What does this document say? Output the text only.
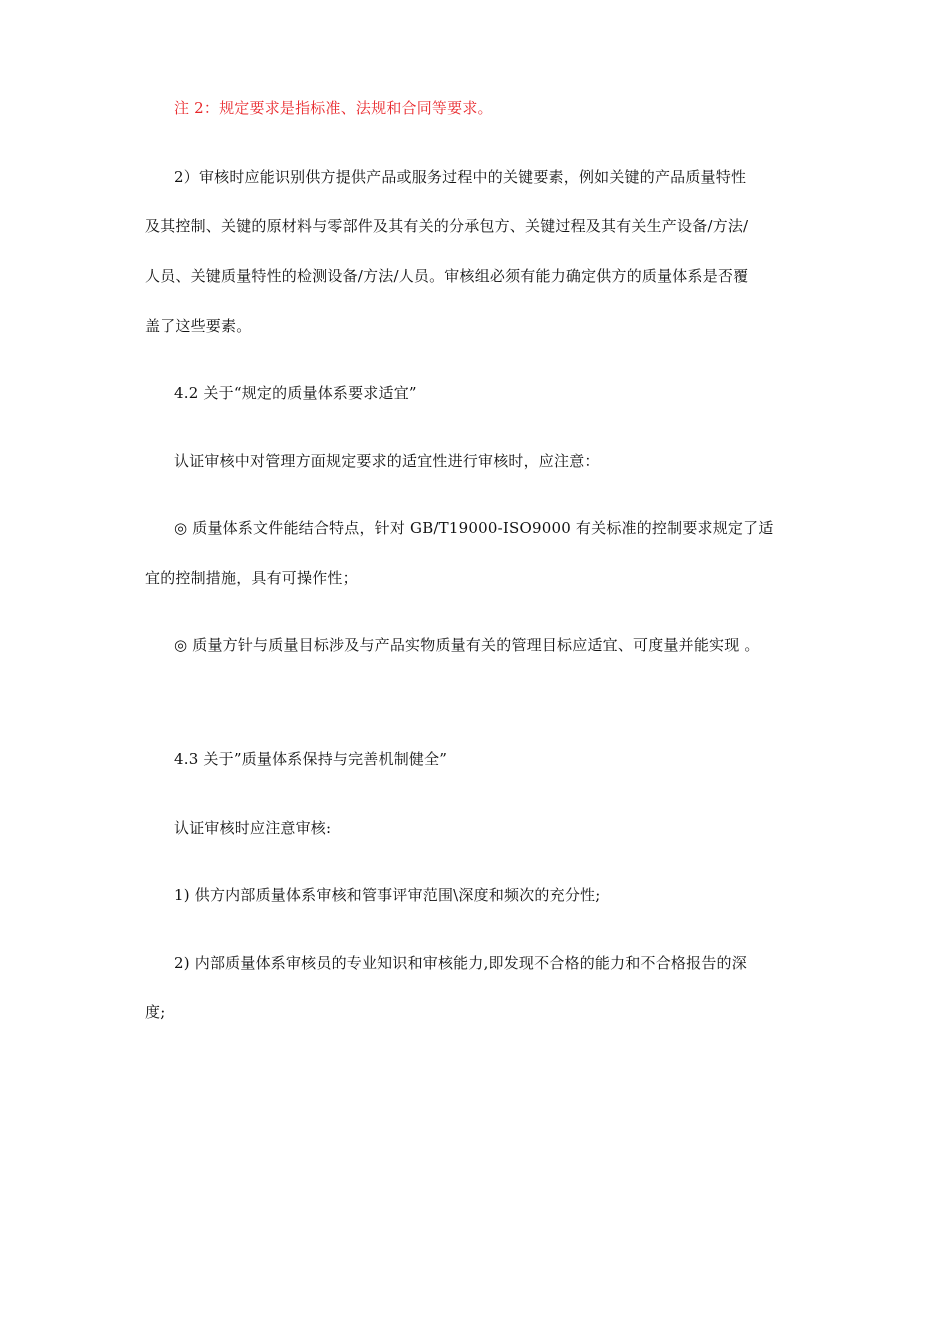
注 2：规定要求是指标准、法规和合同等要求。
2）审核时应能识别供方提供产品或服务过程中的关键要素，例如关键的产品质量特性
及其控制、关键的原材料与零部件及其有关的分承包方、关键过程及其有关生产设备/方法/
人员、关键质量特性的检测设备/方法/人员。审核组必须有能力确定供方的质量体系是否覆
盖了这些要素。
4.2 关于“规定的质量体系要求适宜”
认证审核中对管理方面规定要求的适宜性进行审核时，应注意：
◎ 质量体系文件能结合特点，针对 GB/T19000-ISO9000 有关标准的控制要求规定了适
宜的控制措施，具有可操作性；
◎ 质量方针与质量目标涉及与产品实物质量有关的管理目标应适宜、可度量并能实现 。
4.3 关于”质量体系保持与完善机制健全”
认证审核时应注意审核:
1) 供方内部质量体系审核和管事评审范围\深度和频次的充分性;
2) 内部质量体系审核员的专业知识和审核能力,即发现不合格的能力和不合格报告的深
度;
